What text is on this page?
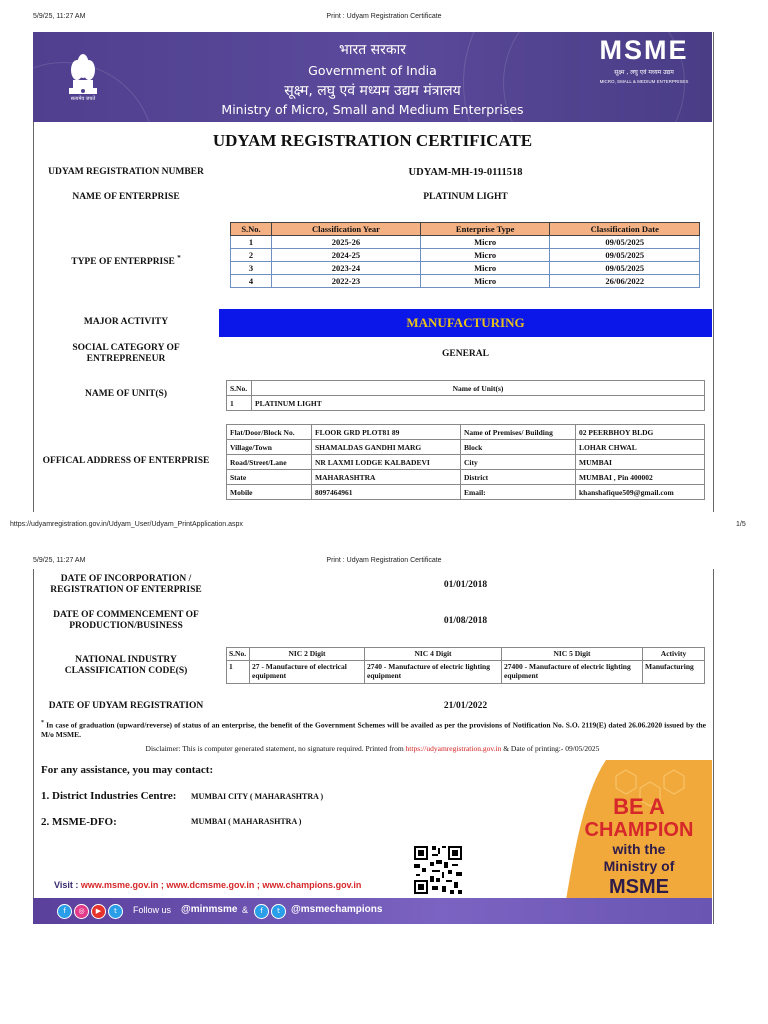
5/9/25, 11:27 AM	Print : Udyam Registration Certificate
सत्यमेव जयते
भारत सरकार
Government of India
सूक्ष्म, लघु एवं मध्यम उद्यम मंत्रालय
Ministry of Micro, Small and Medium Enterprises
MSME
सूक्ष्म , लघु एवं मध्यम उद्यम
MICRO, SMALL & MEDIUM ENTERPRISES
UDYAM REGISTRATION CERTIFICATE
UDYAM REGISTRATION NUMBER	UDYAM-MH-19-0111518
NAME OF ENTERPRISE	PLATINUM LIGHT
TYPE OF ENTERPRISE *
S.No.	Classification Year	Enterprise Type	Classification Date
1	2025-26	Micro	09/05/2025
2	2024-25	Micro	09/05/2025
3	2023-24	Micro	09/05/2025
4	2022-23	Micro	26/06/2022
MAJOR ACTIVITY	MANUFACTURING
SOCIAL CATEGORY OF ENTREPRENEUR	GENERAL
NAME OF UNIT(S)
S.No.	Name of Unit(s)
1	PLATINUM LIGHT
OFFICAL ADDRESS OF ENTERPRISE
Flat/Door/Block No.	FLOOR GRD PLOT81 89	Name of Premises/ Building	02 PEERBHOY BLDG
Village/Town	SHAMALDAS GANDHI MARG	Block	LOHAR CHWAL
Road/Street/Lane	NR LAXMI LODGE KALBADEVI	City	MUMBAI
State	MAHARASHTRA	District	MUMBAI , Pin 400002
Mobile	8097464961	Email:	khanshafique509@gmail.com
https://udyamregistration.gov.in/Udyam_User/Udyam_PrintApplication.aspx	1/5
5/9/25, 11:27 AM	Print : Udyam Registration Certificate
DATE OF INCORPORATION / REGISTRATION OF ENTERPRISE	01/01/2018
DATE OF COMMENCEMENT OF PRODUCTION/BUSINESS	01/08/2018
NATIONAL INDUSTRY CLASSIFICATION CODE(S)
S.No.	NIC 2 Digit	NIC 4 Digit	NIC 5 Digit	Activity
1	27 - Manufacture of electrical equipment	2740 - Manufacture of electric lighting equipment	27400 - Manufacture of electric lighting equipment	Manufacturing
DATE OF UDYAM REGISTRATION	21/01/2022
* In case of graduation (upward/reverse) of status of an enterprise, the benefit of the Government Schemes will be availed as per the provisions of Notification No. S.O. 2119(E) dated 26.06.2020 issued by the M/o MSME.
Disclaimer: This is computer generated statement, no signature required. Printed from https://udyamregistration.gov.in & Date of printing:- 09/05/2025
For any assistance, you may contact:
1. District Industries Centre: MUMBAI CITY ( MAHARASHTRA )
2. MSME-DFO:	MUMBAI ( MAHARASHTRA )
BE A
CHAMPION
with the
Ministry of
MSME
Visit : www.msme.gov.in ; www.dcmsme.gov.in ; www.champions.gov.in
f	◎	▶	t	Follow us @minmsme &	f	t	@msmechampions
